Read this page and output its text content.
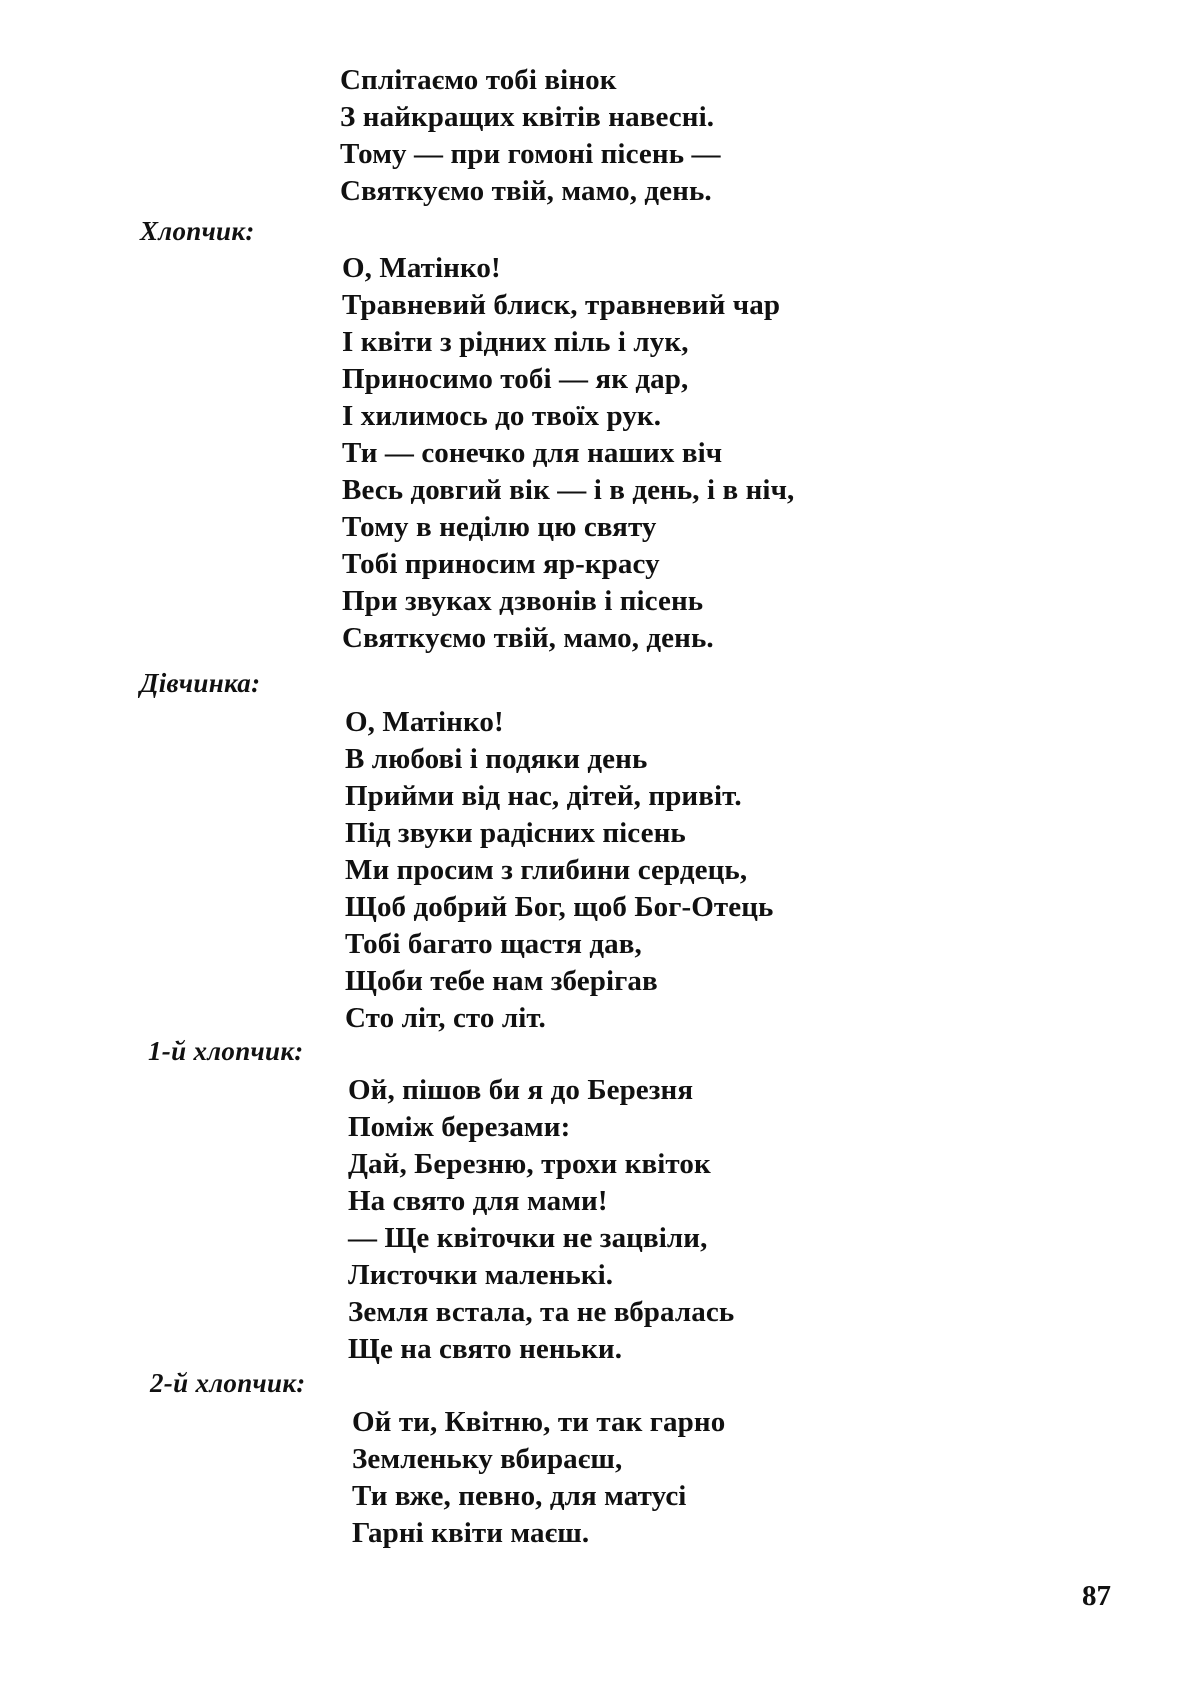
Сплітаємо тобі вінок
З найкращих квітів навесні.
Тому — при гомоні пісень —
Святкуємо твій, мамо, день.
Хлопчик:
О, Матінко!
Травневий блиск, травневий чар
І квіти з рідних піль і лук,
Приносимо тобі — як дар,
І хилимось до твоїх рук.
Ти — сонечко для наших віч
Весь довгий вік — і в день, і в ніч,
Тому в неділю цю святу
Тобі приносим яр-красу
При звуках дзвонів і пісень
Святкуємо твій, мамо, день.
Дівчинка:
О, Матінко!
В любові і подяки день
Прийми від нас, дітей, привіт.
Під звуки радісних пісень
Ми просим з глибини сердець,
Щоб добрий Бог, щоб Бог-Отець
Тобі багато щастя дав,
Щоби тебе нам зберігав
Сто літ, сто літ.
1-й хлопчик:
Ой, пішов би я до Березня
Поміж березами:
Дай, Березню, трохи квіток
На свято для мами!
— Ще квіточки не зацвіли,
Листочки маленькі.
Земля встала, та не вбралась
Ще на свято неньки.
2-й хлопчик:
Ой ти, Квітню, ти так гарно
Земленьку вбираєш,
Ти вже, певно, для матусі
Гарні квіти маєш.
87
